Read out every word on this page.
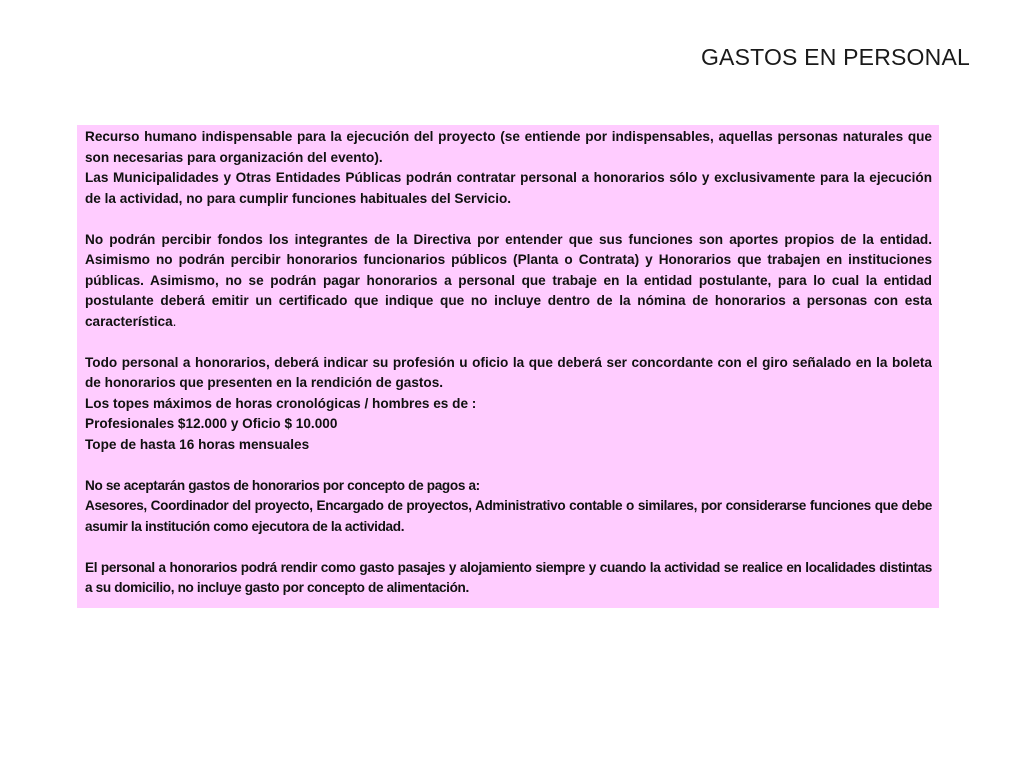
GASTOS EN PERSONAL

Recurso humano indispensable para la ejecución del proyecto (se entiende por indispensables, aquellas personas naturales que son necesarias para organización del evento).

Las Municipalidades y Otras Entidades Públicas podrán contratar personal a honorarios sólo y exclusivamente para la ejecución de la actividad, no para cumplir funciones habituales del Servicio.

No podrán percibir fondos los integrantes de la Directiva por entender que sus funciones son aportes propios de la entidad. Asimismo no podrán percibir honorarios funcionarios públicos (Planta o Contrata) y Honorarios que trabajen en instituciones públicas. Asimismo, no se podrán pagar honorarios a personal que trabaje en la entidad postulante, para lo cual la entidad postulante deberá emitir un certificado que indique que no incluye dentro de la nómina de honorarios a personas con esta característica.

Todo personal a honorarios, deberá indicar su profesión u oficio la que deberá ser concordante con el giro señalado en la boleta de honorarios que presenten en la rendición de gastos.

Los topes máximos de horas cronológicas / hombres es de :

Profesionales $12.000 y Oficio $ 10.000

Tope de hasta 16 horas mensuales

No se aceptarán gastos de honorarios por concepto de pagos a:

Asesores, Coordinador del proyecto, Encargado de proyectos, Administrativo contable o similares, por considerarse funciones que debe asumir la institución como ejecutora de la actividad.

El personal a honorarios podrá rendir como gasto pasajes y alojamiento siempre y cuando la actividad se realice en localidades distintas a su domicilio, no incluye gasto por concepto de alimentación.
